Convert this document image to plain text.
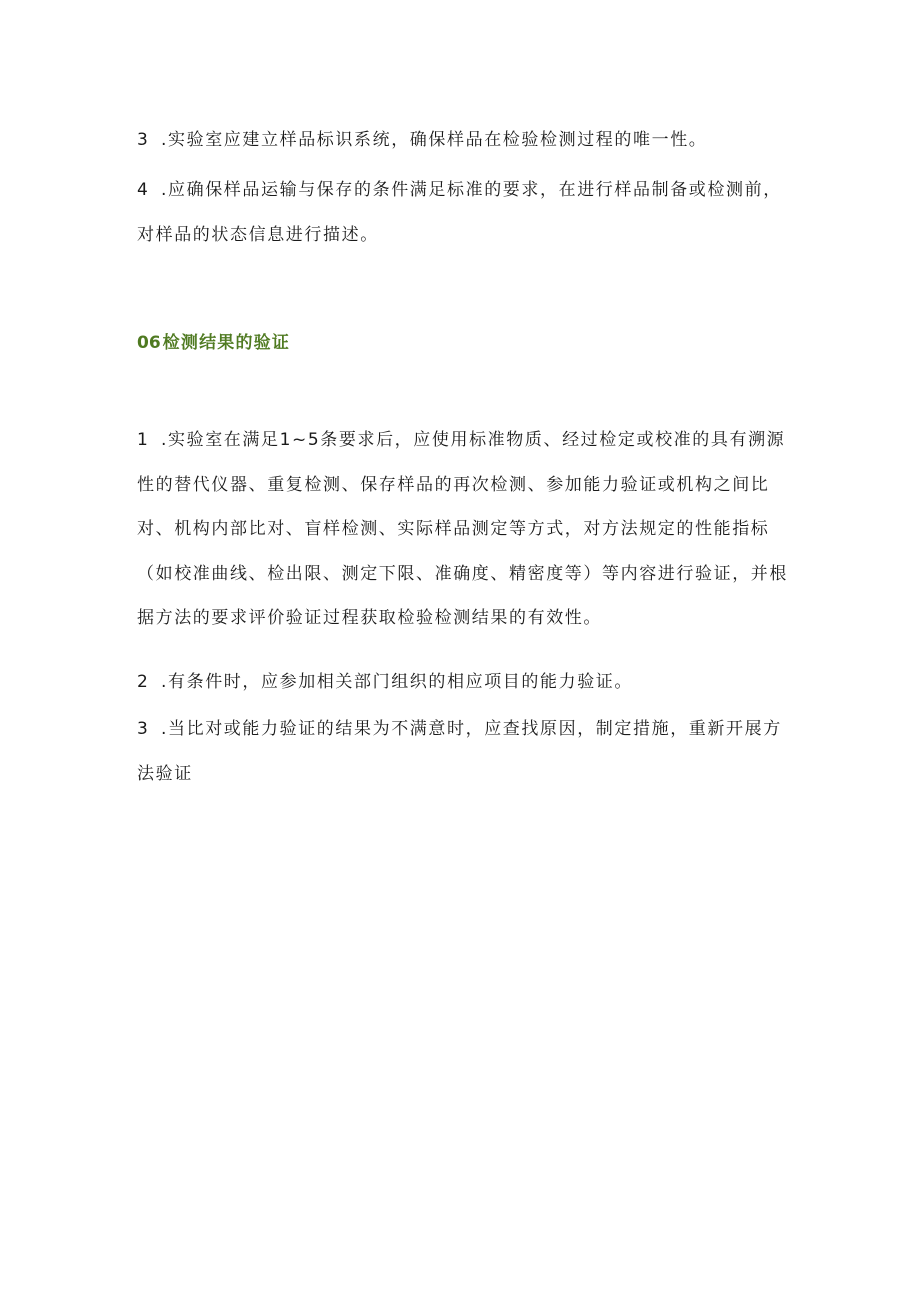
3 .实验室应建立样品标识系统，确保样品在检验检测过程的唯一性。

4 .应确保样品运输与保存的条件满足标准的要求，在进行样品制备或检测前，对样品的状态信息进行描述。

06 检测结果的验证

1 .实验室在满足1~5条要求后，应使用标准物质、经过检定或校准的具有溯源性的替代仪器、重复检测、保存样品的再次检测、参加能力验证或机构之间比对、机构内部比对、盲样检测、实际样品测定等方式，对方法规定的性能指标（如校准曲线、检出限、测定下限、准确度、精密度等）等内容进行验证，并根据方法的要求评价验证过程获取检验检测结果的有效性。

2 .有条件时，应参加相关部门组织的相应项目的能力验证。

3 .当比对或能力验证的结果为不满意时，应查找原因，制定措施，重新开展方法验证
